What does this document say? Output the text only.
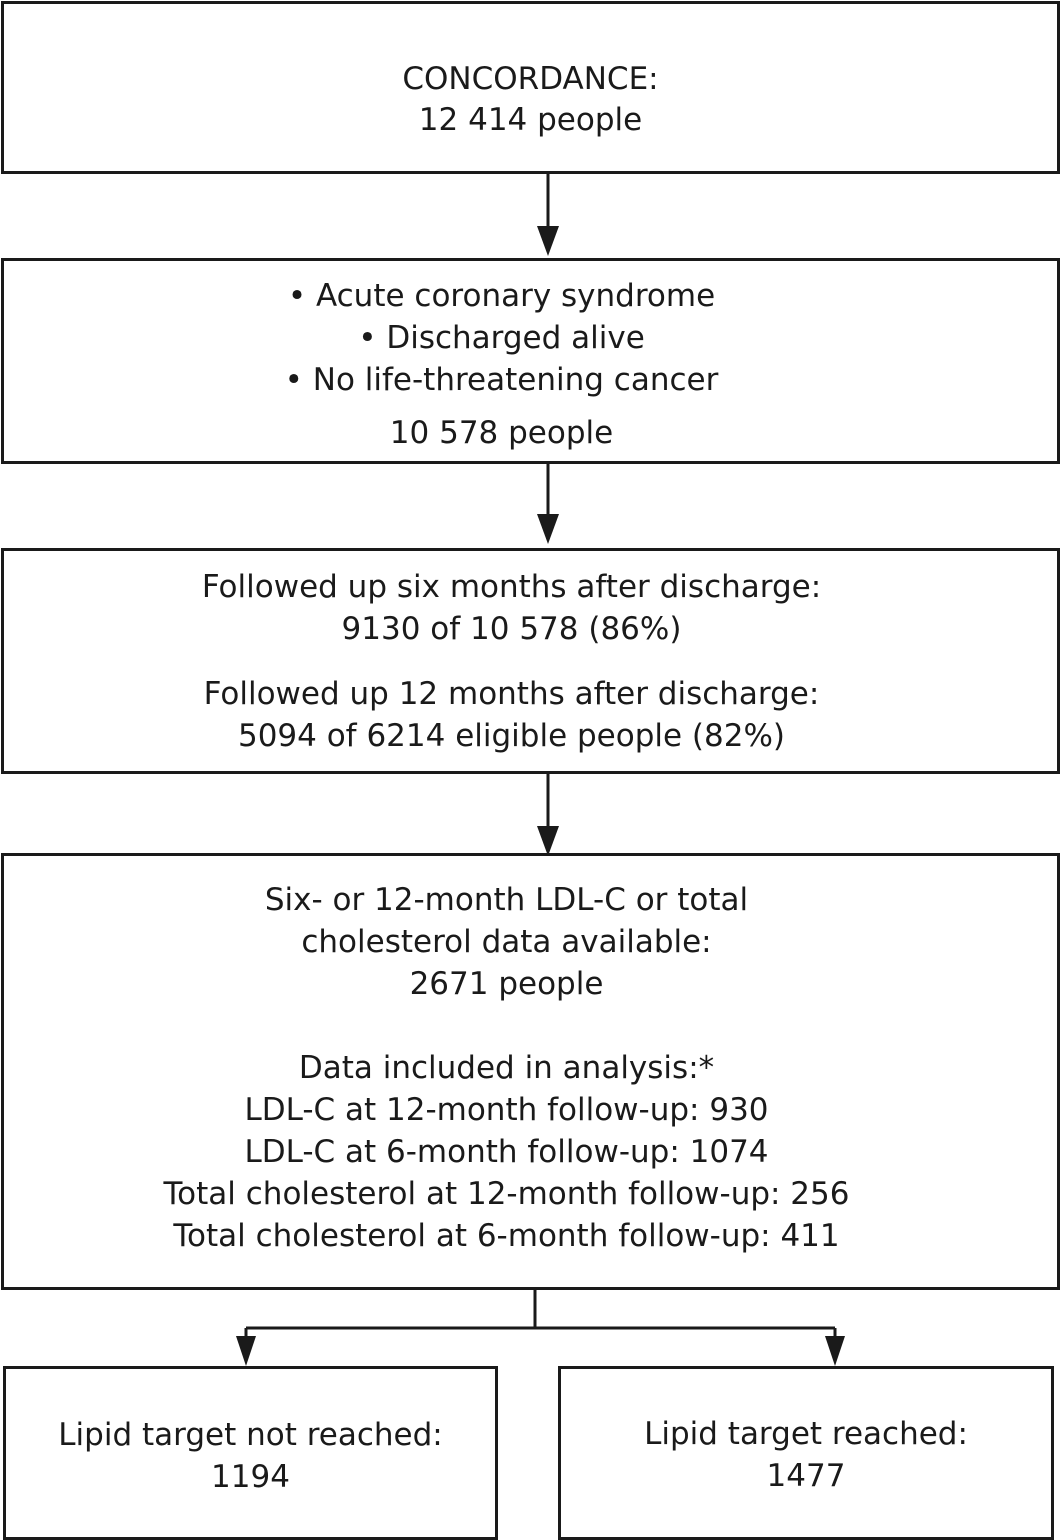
CONCORDANCE:
12 414 people
• Acute coronary syndrome
• Discharged alive
• No life-threatening cancer
10 578 people
Followed up six months after discharge:
9130 of 10 578 (86%)
Followed up 12 months after discharge:
5094 of 6214 eligible people (82%)
Six- or 12-month LDL-C or total
cholesterol data available:
2671 people
Data included in analysis:*
LDL-C at 12-month follow-up: 930
LDL-C at 6-month follow-up: 1074
Total cholesterol at 12-month follow-up: 256
Total cholesterol at 6-month follow-up: 411
Lipid target not reached:
1194
Lipid target reached:
1477
